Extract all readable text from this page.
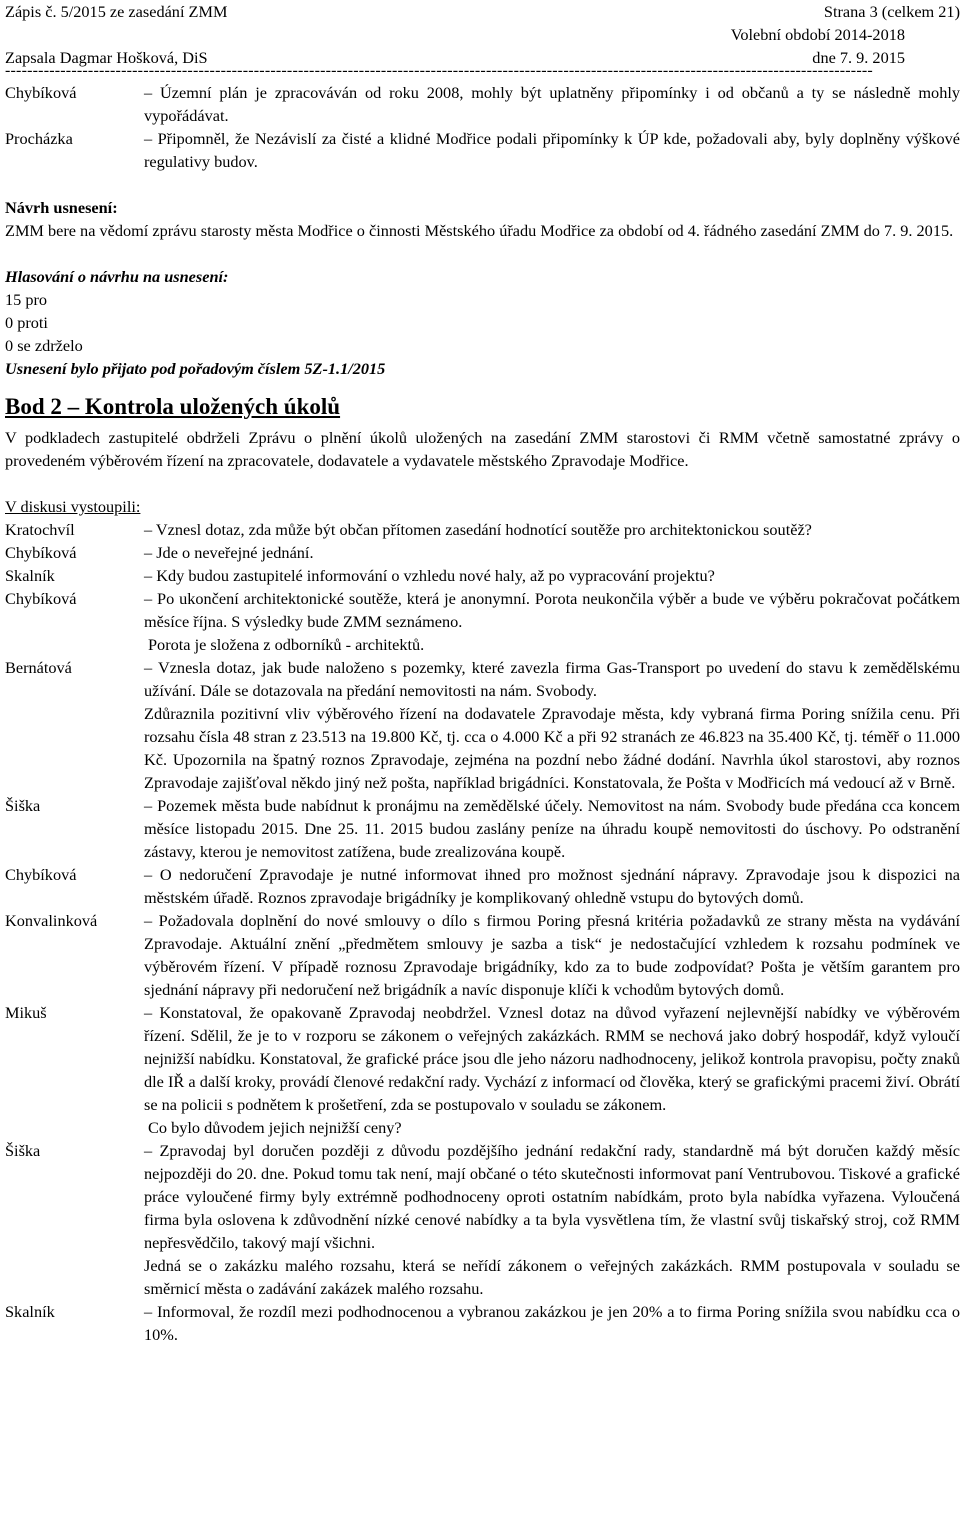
Zápis č. 5/2015 ze zasedání ZMM	Strana 3 (celkem 21)
Volební období 2014-2018
Zapsala Dagmar Hošková, DiS	dne 7. 9. 2015
-------------------------------------------------------------------------------------------------------------------------------------------------------------
Chybíková	– Územní plán je zpracováván od roku 2008, mohly být uplatněny připomínky i od občanů a ty se následně mohly vypořádávat.
Procházka	– Připomněl, že Nezávislí za čisté a klidné Modřice podali připomínky k ÚP kde, požadovali aby, byly doplněny výškové regulativy budov.

Návrh usnesení:

ZMM bere na vědomí zprávu starosty města Modřice o činnosti Městského úřadu Modřice za období od 4. řádného zasedání ZMM do 7. 9. 2015.

Hlasování o návrhu na usnesení:

15 pro

0 proti

0 se zdrželo

Usnesení bylo přijato pod pořadovým číslem 5Z-1.1/2015

Bod 2 – Kontrola uložených úkolů

V podkladech zastupitelé obdrželi Zprávu o plnění úkolů uložených na zasedání ZMM starostovi či RMM včetně samostatné zprávy o provedeném výběrovém řízení na zpracovatele, dodavatele a vydavatele městského Zpravodaje Modřice.

V diskusi vystoupili:

Kratochvíl	– Vznesl dotaz, zda může být občan přítomen zasedání hodnotící soutěže pro architektonickou soutěž?

Chybíková	– Jde o neveřejné jednání.

Skalník	– Kdy budou zastupitelé informování o vzhledu nové haly, až po vypracování projektu?

Chybíková	– Po ukončení architektonické soutěže, která je anonymní. Porota neukončila výběr a bude ve výběru pokračovat počátkem měsíce října. S výsledky bude ZMM seznámeno.

Porota je složena z odborníků - architektů.

Bernátová	– Vznesla dotaz, jak bude naloženo s pozemky, které zavezla firma Gas-Transport po uvedení do stavu k zemědělskému užívání. Dále se dotazovala na předání nemovitosti na nám. Svobody.

Zdůraznila pozitivní vliv výběrového řízení na dodavatele Zpravodaje města, kdy vybraná firma Poring snížila cenu. Při rozsahu čísla 48 stran z 23.513 na 19.800 Kč, tj. cca o 4.000 Kč a při 92 stranách ze 46.823 na 35.400 Kč, tj. téměř o 11.000 Kč. Upozornila na špatný roznos Zpravodaje, zejména na pozdní nebo žádné dodání. Navrhla úkol starostovi, aby roznos Zpravodaje zajišťoval někdo jiný než pošta, například brigádníci. Konstatovala, že Pošta v Modřicích má vedoucí až v Brně.

Šiška	– Pozemek města bude nabídnut k pronájmu na zemědělské účely. Nemovitost na nám. Svobody bude předána cca koncem měsíce listopadu 2015. Dne 25. 11. 2015 budou zaslány peníze na úhradu koupě nemovitosti do úschovy. Po odstranění zástavy, kterou je nemovitost zatížena, bude zrealizována koupě.

Chybíková	– O nedoručení Zpravodaje je nutné informovat ihned pro možnost sjednání nápravy. Zpravodaje jsou k dispozici na městském úřadě. Roznos zpravodaje brigádníky je komplikovaný ohledně vstupu do bytových domů.

Konvalinková	– Požadovala doplnění do nové smlouvy o dílo s firmou Poring přesná kritéria požadavků ze strany města na vydávání Zpravodaje. Aktuální znění „předmětem smlouvy je sazba a tisk“ je nedostačující vzhledem k rozsahu podmínek ve výběrovém řízení. V případě roznosu Zpravodaje brigádníky, kdo za to bude zodpovídat? Pošta je větším garantem pro sjednání nápravy při nedoručení než brigádník a navíc disponuje klíči k vchodům bytových domů.

Mikuš	– Konstatoval, že opakovaně Zpravodaj neobdržel. Vznesl dotaz na důvod vyřazení nejlevnější nabídky ve výběrovém řízení. Sdělil, že je to v rozporu se zákonem o veřejných zakázkách. RMM se nechová jako dobrý hospodář, když vyloučí nejnižší nabídku. Konstatoval, že grafické práce jsou dle jeho názoru nadhodnoceny, jelikož kontrola pravopisu, počty znaků dle IŘ a další kroky, provádí členové redakční rady. Vychází z informací od člověka, který se grafickými pracemi živí. Obrátí se na policii s podnětem k prošetření, zda se postupovalo v souladu se zákonem.

Co bylo důvodem jejich nejnižší ceny?

Šiška	– Zpravodaj byl doručen později z důvodu pozdějšího jednání redakční rady, standardně má být doručen každý měsíc nejpozději do 20. dne. Pokud tomu tak není, mají občané o této skutečnosti informovat paní Ventrubovou. Tiskové a grafické práce vyloučené firmy byly extrémně podhodnoceny oproti ostatním nabídkám, proto byla nabídka vyřazena. Vyloučená firma byla oslovena k zdůvodnění nízké cenové nabídky a ta byla vysvětlena tím, že vlastní svůj tiskařský stroj, což RMM nepřesvědčilo, takový mají všichni.

Jedná se o zakázku malého rozsahu, která se neřídí zákonem o veřejných zakázkách. RMM postupovala v souladu se směrnicí města o zadávání zakázek malého rozsahu.

Skalník	– Informoval, že rozdíl mezi podhodnocenou a vybranou zakázkou je jen 20% a to firma Poring snížila svou nabídku cca o 10%.
